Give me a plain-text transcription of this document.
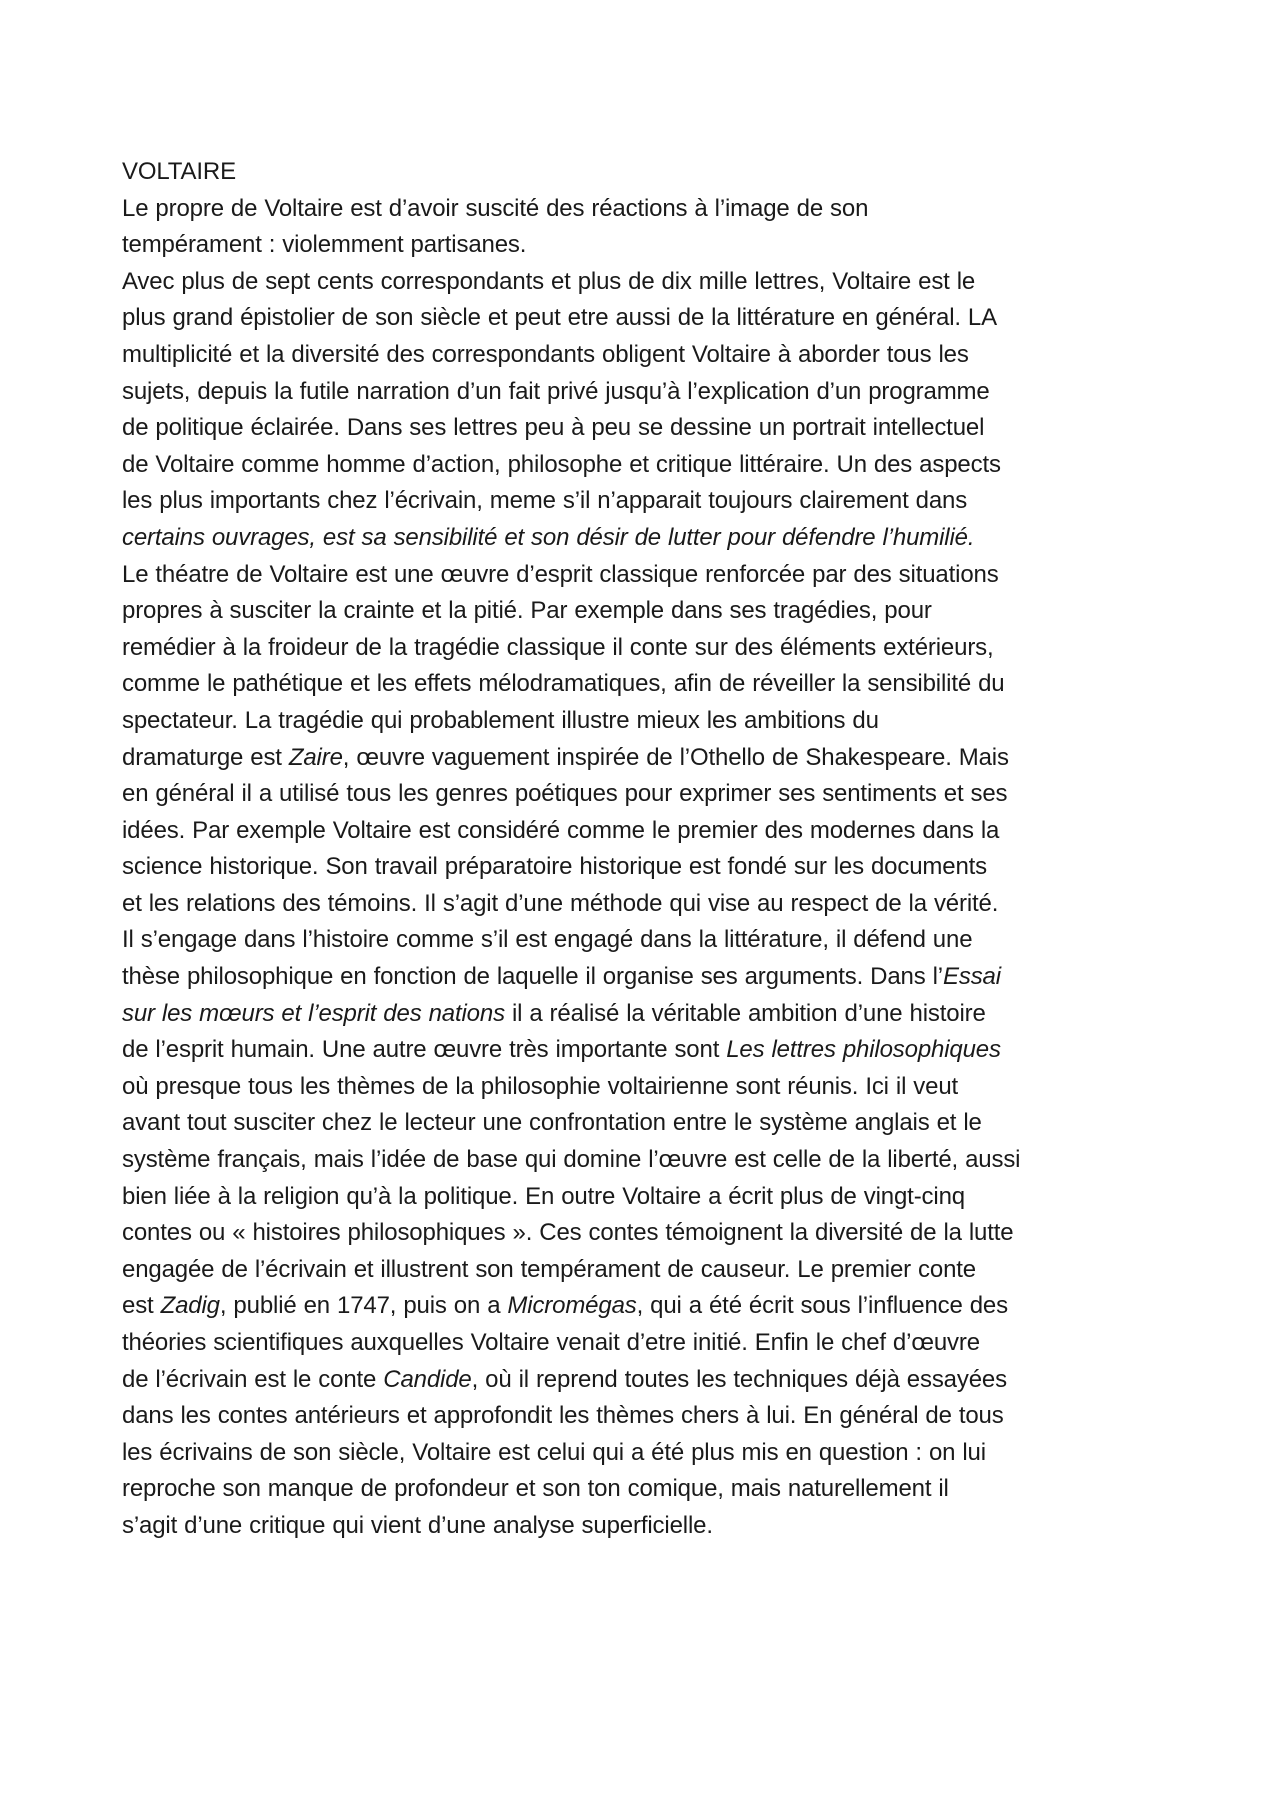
VOLTAIRE
Le propre de Voltaire est d’avoir suscité des réactions à l’image de son
tempérament : violemment partisanes.
Avec plus de sept cents correspondants et plus de dix mille lettres, Voltaire est le
plus grand épistolier de son siècle et peut etre aussi de la littérature en général. LA
multiplicité et la diversité des correspondants obligent Voltaire à aborder tous les
sujets, depuis la futile narration d’un fait privé jusqu’à l’explication d’un programme
de politique éclairée. Dans ses lettres peu à peu se dessine un portrait intellectuel
de Voltaire comme homme d’action, philosophe et critique littéraire. Un des aspects
les plus importants chez l’écrivain, meme s’il n’apparait toujours clairement dans
certains ouvrages, est sa sensibilité et son désir de lutter pour défendre l’humilié.
Le théatre de Voltaire est une œuvre d’esprit classique renforcée par des situations
propres à susciter la crainte et la pitié. Par exemple dans ses tragédies, pour
remédier à la froideur de la tragédie classique il conte sur des éléments extérieurs,
comme le pathétique et les effets mélodramatiques, afin de réveiller la sensibilité du
spectateur. La tragédie qui probablement illustre mieux les ambitions du
dramaturge est Zaire, œuvre vaguement inspirée de l’Othello de Shakespeare. Mais
en général il a utilisé tous les genres poétiques pour exprimer ses sentiments et ses
idées. Par exemple Voltaire est considéré comme le premier des modernes dans la
science historique. Son travail préparatoire historique est fondé sur les documents
et les relations des témoins. Il s’agit d’une méthode qui vise au respect de la vérité.
Il s’engage dans l’histoire comme s’il est engagé dans la littérature, il défend une
thèse philosophique en fonction de laquelle il organise ses arguments. Dans l’Essai
sur les mœurs et l’esprit des nations il a réalisé la véritable ambition d’une histoire
de l’esprit humain. Une autre œuvre très importante sont Les lettres philosophiques
où presque tous les thèmes de la philosophie voltairienne sont réunis. Ici il veut
avant tout susciter chez le lecteur une confrontation entre le système anglais et le
système français, mais l’idée de base qui domine l’œuvre est celle de la liberté, aussi
bien liée à la religion qu’à la politique. En outre Voltaire a écrit plus de vingt-cinq
contes ou « histoires philosophiques ». Ces contes témoignent la diversité de la lutte
engagée de l’écrivain et illustrent son tempérament de causeur. Le premier conte
est Zadig, publié en 1747, puis on a Micromégas, qui a été écrit sous l’influence des
théories scientifiques auxquelles Voltaire venait d’etre initié. Enfin le chef d’œuvre
de l’écrivain est le conte Candide, où il reprend toutes les techniques déjà essayées
dans les contes antérieurs et approfondit les thèmes chers à lui. En général de tous
les écrivains de son siècle, Voltaire est celui qui a été plus mis en question : on lui
reproche son manque de profondeur et son ton comique, mais naturellement il
s’agit d’une critique qui vient d’une analyse superficielle.
